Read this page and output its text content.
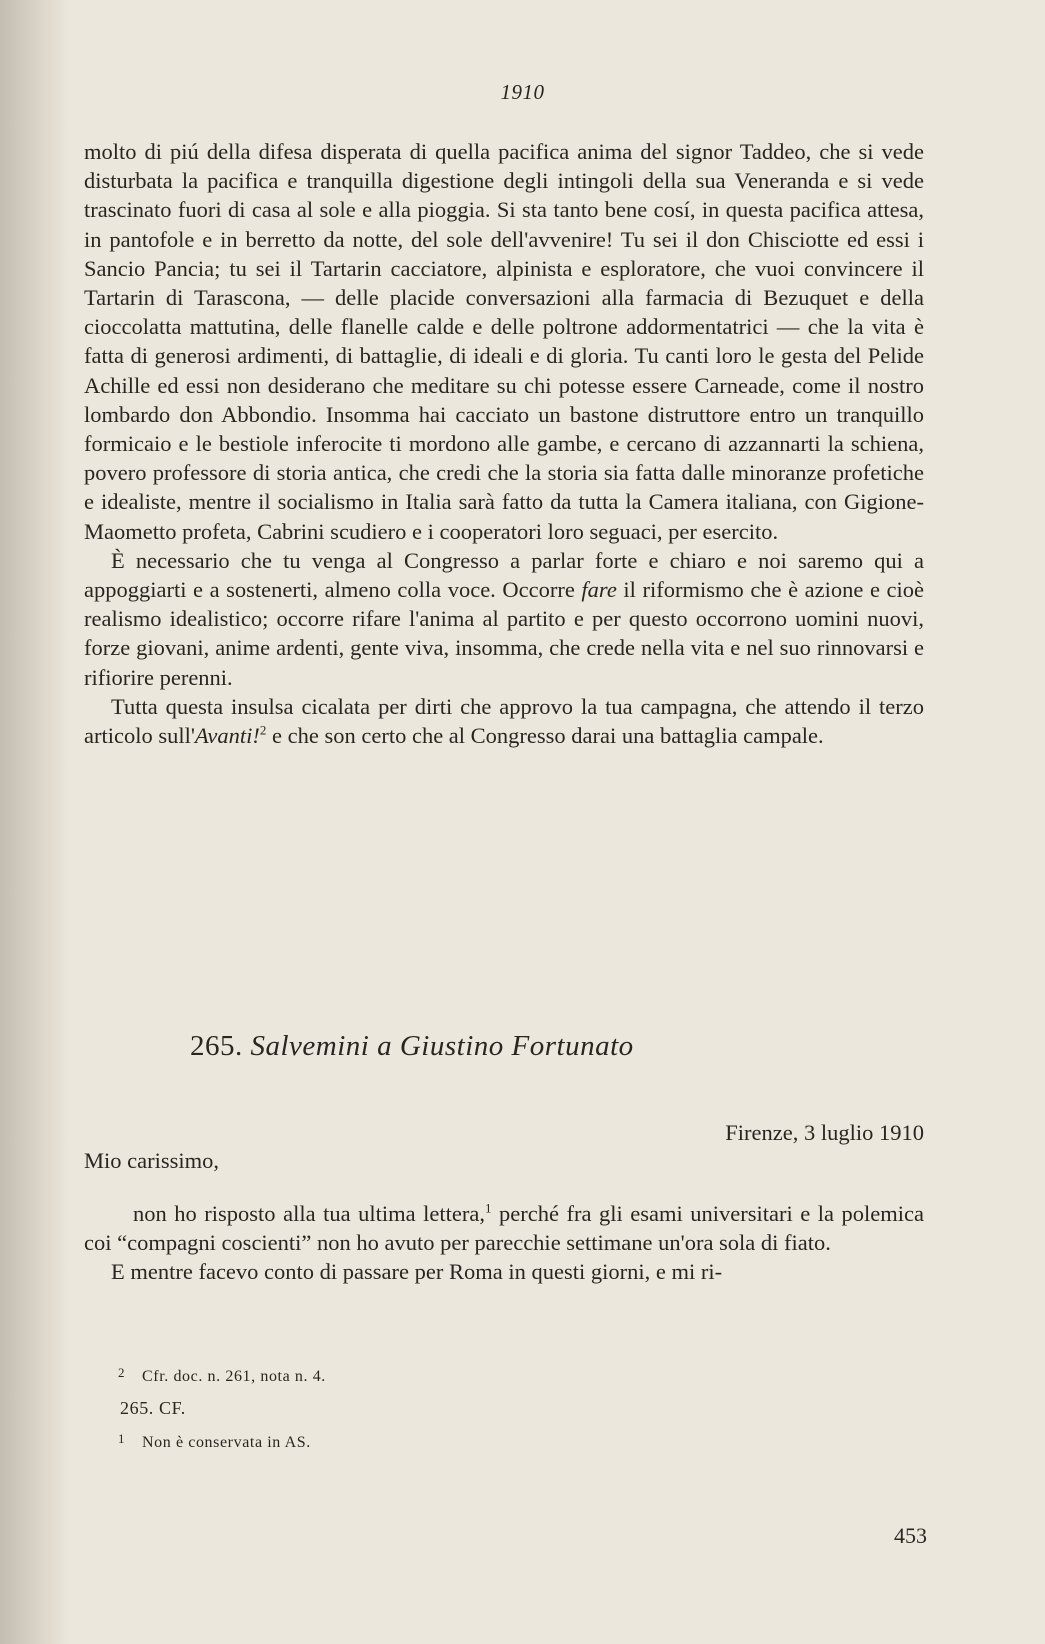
1910

molto di piú della difesa disperata di quella pacifica anima del signor Taddeo, che si vede disturbata la pacifica e tranquilla digestione degli intingoli della sua Veneranda e si vede trascinato fuori di casa al sole e alla pioggia. Si sta tanto bene cosí, in questa pacifica attesa, in pantofole e in berretto da notte, del sole dell'avvenire! Tu sei il don Chisciotte ed essi i Sancio Pancia; tu sei il Tartarin cacciatore, alpinista e esploratore, che vuoi convincere il Tartarin di Tarascona, — delle placide conversazioni alla farmacia di Bezuquet e della cioccolatta mattutina, delle flanelle calde e delle poltrone addormentatrici — che la vita è fatta di generosi ardimenti, di battaglie, di ideali e di gloria. Tu canti loro le gesta del Pelide Achille ed essi non desiderano che meditare su chi potesse essere Carneade, come il nostro lombardo don Abbondio. Insomma hai cacciato un bastone distruttore entro un tranquillo formicaio e le bestiole inferocite ti mordono alle gambe, e cercano di azzannarti la schiena, povero professore di storia antica, che credi che la storia sia fatta dalle minoranze profetiche e idealiste, mentre il socialismo in Italia sarà fatto da tutta la Camera italiana, con Gigione-Maometto profeta, Cabrini scudiero e i cooperatori loro seguaci, per esercito.

È necessario che tu venga al Congresso a parlar forte e chiaro e noi saremo qui a appoggiarti e a sostenerti, almeno colla voce. Occorre fare il riformismo che è azione e cioè realismo idealistico; occorre rifare l'anima al partito e per questo occorrono uomini nuovi, forze giovani, anime ardenti, gente viva, insomma, che crede nella vita e nel suo rinnovarsi e rifiorire perenni.

Tutta questa insulsa cicalata per dirti che approvo la tua campagna, che attendo il terzo articolo sull'Avanti!$^2$ e che son certo che al Congresso darai una battaglia campale.

265. Salvemini a Giustino Fortunato
Firenze, 3 luglio 1910
Mio carissimo,

non ho risposto alla tua ultima lettera,$^1$ perché fra gli esami universitari e la polemica coi “compagni coscienti” non ho avuto per parecchie settimane un'ora sola di fiato.

E mentre facevo conto di passare per Roma in questi giorni, e mi ri-

2 Cfr. doc. n. 261, nota n. 4.
265. CF.
1 Non è conservata in AS.
453
